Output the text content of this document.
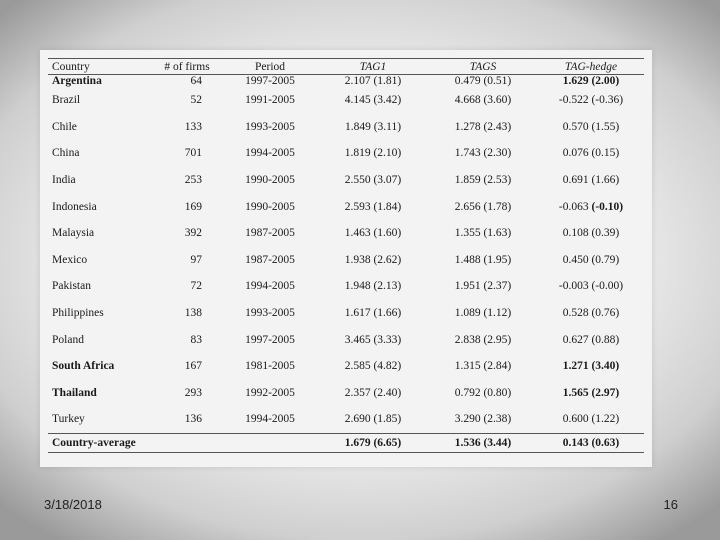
Country	# of firms	Period	TAG1	TAGS	TAG-hedge
Argentina	64	1997-2005	2.107 (1.81)	0.479 (0.51)	1.629 (2.00)
Brazil	52	1991-2005	4.145 (3.42)	4.668 (3.60)	-0.522 (-0.36)
Chile	133	1993-2005	1.849 (3.11)	1.278 (2.43)	0.570 (1.55)
China	701	1994-2005	1.819 (2.10)	1.743 (2.30)	0.076 (0.15)
India	253	1990-2005	2.550 (3.07)	1.859 (2.53)	0.691 (1.66)
Indonesia	169	1990-2005	2.593 (1.84)	2.656 (1.78)	-0.063 (-0.10)
Malaysia	392	1987-2005	1.463 (1.60)	1.355 (1.63)	0.108 (0.39)
Mexico	97	1987-2005	1.938 (2.62)	1.488 (1.95)	0.450 (0.79)
Pakistan	72	1994-2005	1.948 (2.13)	1.951 (2.37)	-0.003 (-0.00)
Philippines	138	1993-2005	1.617 (1.66)	1.089 (1.12)	0.528 (0.76)
Poland	83	1997-2005	3.465 (3.33)	2.838 (2.95)	0.627 (0.88)
South Africa	167	1981-2005	2.585 (4.82)	1.315 (2.84)	1.271 (3.40)
Thailand	293	1992-2005	2.357 (2.40)	0.792 (0.80)	1.565 (2.97)
Turkey	136	1994-2005	2.690 (1.85)	3.290 (2.38)	0.600 (1.22)
Country-average			1.679 (6.65)	1.536 (3.44)	0.143 (0.63)
3/18/2018	16
